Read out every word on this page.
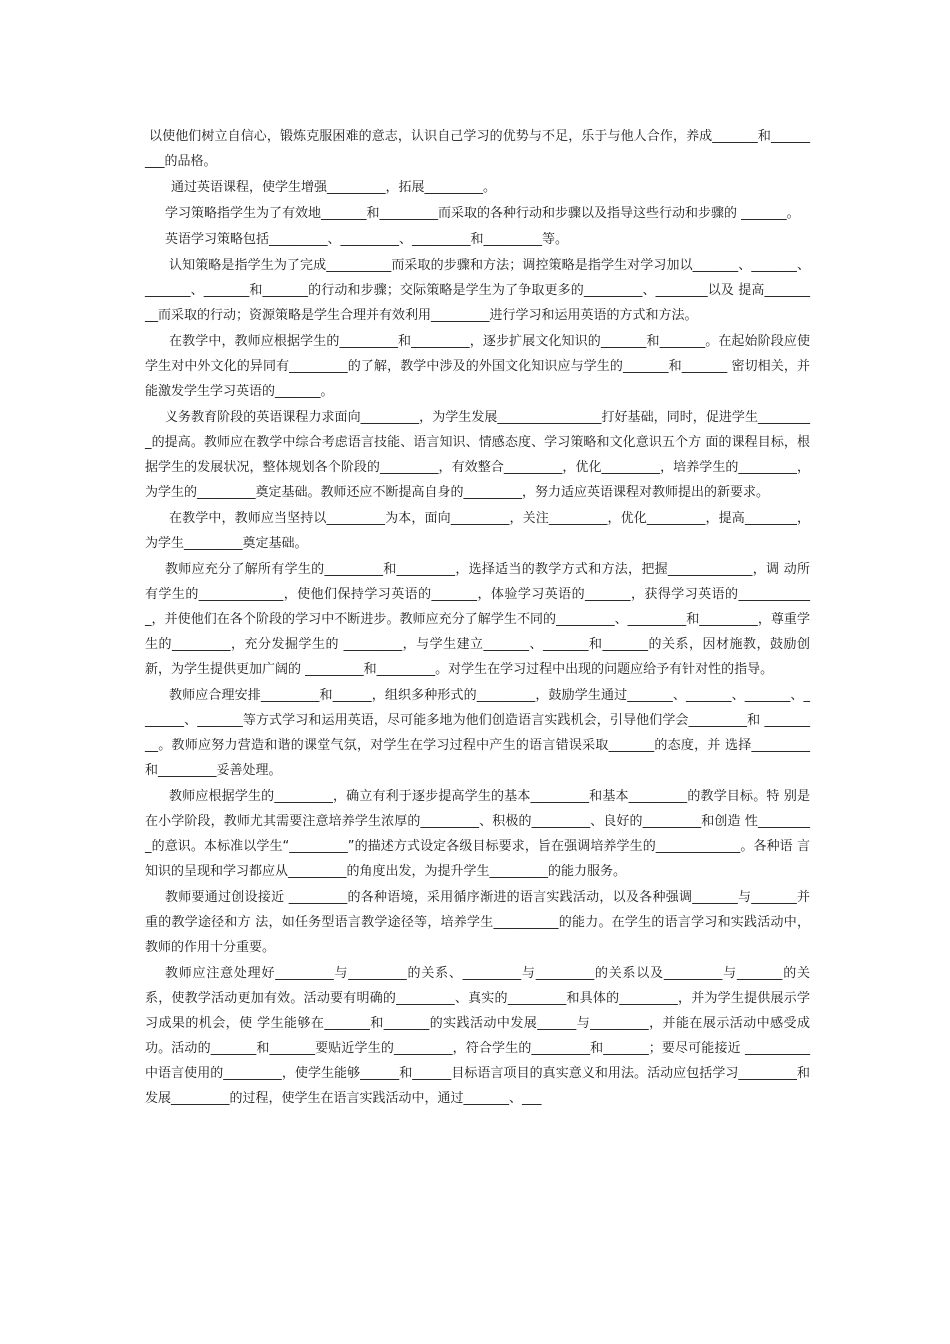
以使他们树立自信心，锻炼克服困难的意志，认识自己学习的优势与不足，乐于与他人合作，养成_______和_________的品格。

通过英语课程，使学生增强_________，拓展_________。

学习策略指学生为了有效地_______和_________而采取的各种行动和步骤以及指导这些行动和步骤的 _______。

英语学习策略包括_________、_________、_________和_________等。

认知策略是指学生为了完成__________而采取的步骤和方法；调控策略是指学生对学习加以_______、_______、_______、_______和_______的行动和步骤；交际策略是学生为了争取更多的_________、________以及 提高_________而采取的行动；资源策略是学生合理并有效利用_________进行学习和运用英语的方式和方法。

在教学中，教师应根据学生的_________和_________，逐步扩展文化知识的_______和_______。在起始阶段应使学生对中外文化的异同有_________的了解，教学中涉及的外国文化知识应与学生的_______和_______ 密切相关，并能激发学生学习英语的_______。

义务教育阶段的英语课程力求面向_________，为学生发展________________打好基础，同时，促进学生_________的提高。教师应在教学中综合考虑语言技能、语言知识、情感态度、学习策略和文化意识五个方 面的课程目标，根据学生的发展状况，整体规划各个阶段的_________，有效整合_________，优化_________，培养学生的_________，为学生的_________奠定基础。教师还应不断提高自身的_________，努力适应英语课程对教师提出的新要求。

在教学中，教师应当坚持以_________为本，面向_________，关注_________，优化_________，提高________， 为学生_________奠定基础。

教师应充分了解所有学生的_________和_________，选择适当的教学方式和方法，把握_____________，调 动所有学生的_____________，使他们保持学习英语的_______，体验学习英语的_______，获得学习英语的____________，并使他们在各个阶段的学习中不断进步。教师应充分了解学生不同的_________、_________和_________，尊重学生的_________，充分发掘学生的 _________，与学生建立_______、_______和_______的关系，因材施教，鼓励创新，为学生提供更加广阔的 _________和_________。对学生在学习过程中出现的问题应给予有针对性的指导。

教师应合理安排_________和______，组织多种形式的_________，鼓励学生通过_______、_______、_______、_______、_______等方式学习和运用英语，尽可能多地为他们创造语言实践机会，引导他们学会_________和 _________。教师应努力营造和谐的课堂气氛，对学生在学习过程中产生的语言错误采取_______的态度，并 选择_________和_________妥善处理。

教师应根据学生的_________，确立有利于逐步提高学生的基本_________和基本_________的教学目标。特 别是在小学阶段，教师尤其需要注意培养学生浓厚的_________、积极的_________、良好的_________和创造 性_________的意识。本标准以学生“_________”的描述方式设定各级目标要求，旨在强调培养学生的_____________。各种语 言知识的呈现和学习都应从_________的角度出发，为提升学生_________的能力服务。

教师要通过创设接近 _________的各种语境，采用循序渐进的语言实践活动，以及各种强调_______与_______并重的教学途径和方 法，如任务型语言教学途径等，培养学生__________的能力。在学生的语言学习和实践活动中， 教师的作用十分重要。

教师应注意处理好_________与_________的关系、_________与_________的关系以及_________与_______的关系，使教学活动更加有效。活动要有明确的_________、真实的_________和具体的_________，并为学生提供展示学习成果的机会，使 学生能够在_______和_______的实践活动中发展______与_________，并能在展示活动中感受成功。活动的_______和_______要贴近学生的_________，符合学生的_________和_______；要尽可能接近 __________中语言使用的_________，使学生能够______和______目标语言项目的真实意义和用法。活动应包括学习_________和发展_________的过程，使学生在语言实践活动中，通过_______、___
